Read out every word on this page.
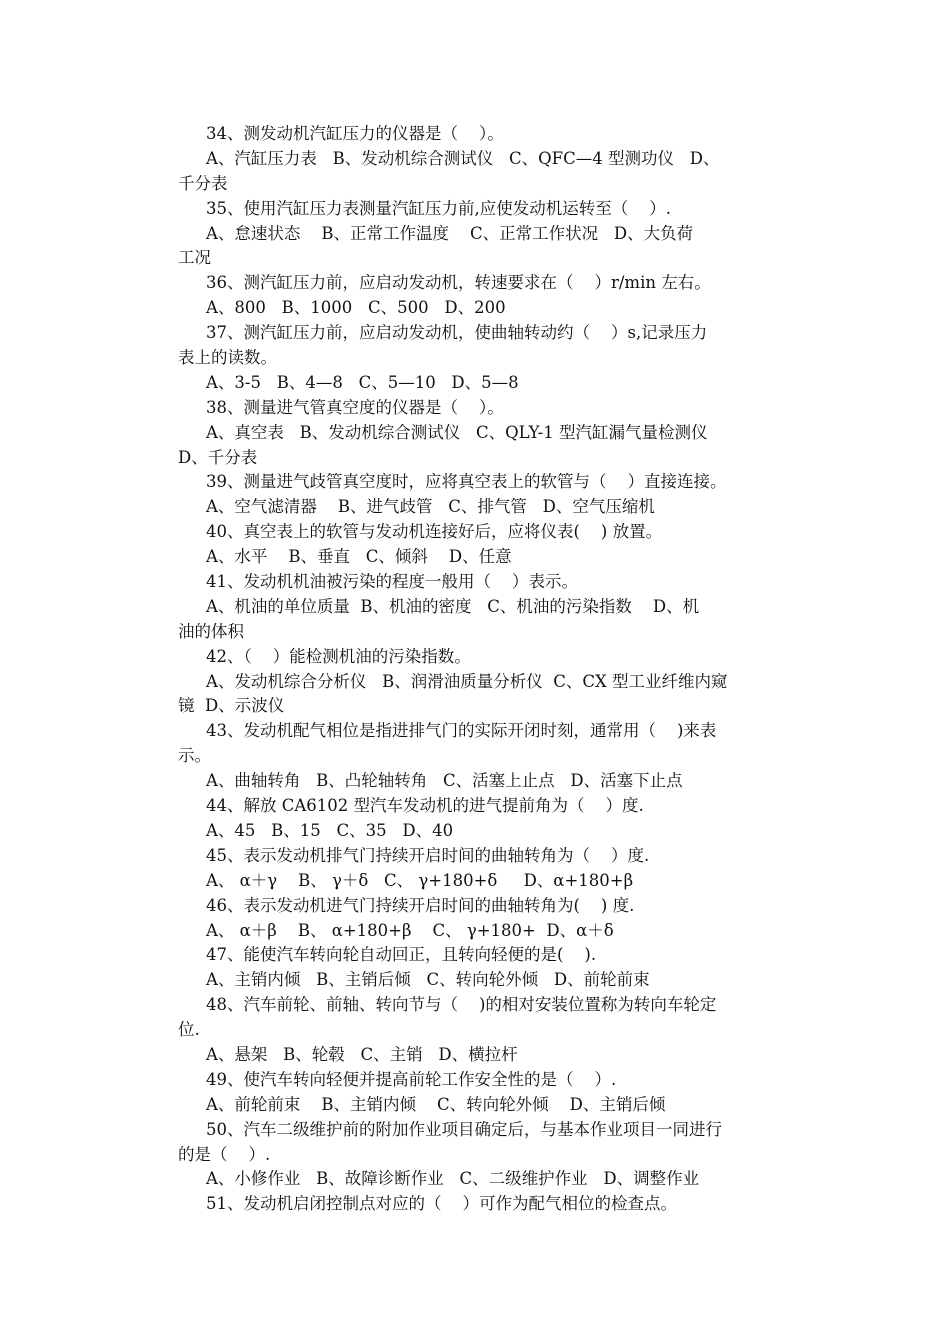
34、测发动机汽缸压力的仪器是（    ）。
A、汽缸压力表   B、发动机综合测试仪   C、QFC—4 型测功仪   D、
千分表
35、使用汽缸压力表测量汽缸压力前,应使发动机运转至（    ）.
A、怠速状态    B、正常工作温度    C、正常工作状况   D、大负荷
工况
36、测汽缸压力前，应启动发动机，转速要求在（    ）r/min 左右。
A、800   B、1000   C、500   D、200
37、测汽缸压力前，应启动发动机，使曲轴转动约（    ）s,记录压力
表上的读数。
A、3-5   B、4—8   C、5—10   D、5—8
38、测量进气管真空度的仪器是（    ）。
A、真空表   B、发动机综合测试仪   C、QLY-1 型汽缸漏气量检测仪
D、千分表
39、测量进气歧管真空度时，应将真空表上的软管与（    ）直接连接。
A、空气滤清器    B、进气歧管   C、排气管   D、空气压缩机
40、真空表上的软管与发动机连接好后，应将仪表(    ) 放置。
A、水平    B、垂直   C、倾斜    D、任意
41、发动机机油被污染的程度一般用（    ）表示。
A、机油的单位质量  B、机油的密度   C、机油的污染指数    D、机
油的体积
42、（    ）能检测机油的污染指数。
A、发动机综合分析仪   B、润滑油质量分析仪  C、CX 型工业纤维内窥
镜  D、示波仪
43、发动机配气相位是指进排气门的实际开闭时刻，通常用（    )来表
示。
A、曲轴转角   B、凸轮轴转角   C、活塞上止点   D、活塞下止点
44、解放 CA6102 型汽车发动机的进气提前角为（    ）度.
A、45   B、15   C、35   D、40
45、表示发动机排气门持续开启时间的曲轴转角为（    ）度.
A、 α＋γ    B、 γ＋δ   C、 γ+180+δ     D、α+180+β
46、表示发动机进气门持续开启时间的曲轴转角为(    ) 度.
A、 α＋β    B、 α+180+β    C、 γ+180+  D、α＋δ
47、能使汽车转向轮自动回正，且转向轻便的是(    ).
A、主销内倾   B、主销后倾   C、转向轮外倾   D、前轮前束
48、汽车前轮、前轴、转向节与（    )的相对安装位置称为转向车轮定
位.
A、悬架   B、轮毂   C、主销   D、横拉杆
49、使汽车转向轻便并提高前轮工作安全性的是（    ）.
A、前轮前束    B、主销内倾    C、转向轮外倾    D、主销后倾
50、汽车二级维护前的附加作业项目确定后，与基本作业项目一同进行
的是（    ）.
A、小修作业   B、故障诊断作业   C、二级维护作业   D、调整作业
51、发动机启闭控制点对应的（    ）可作为配气相位的检查点。
